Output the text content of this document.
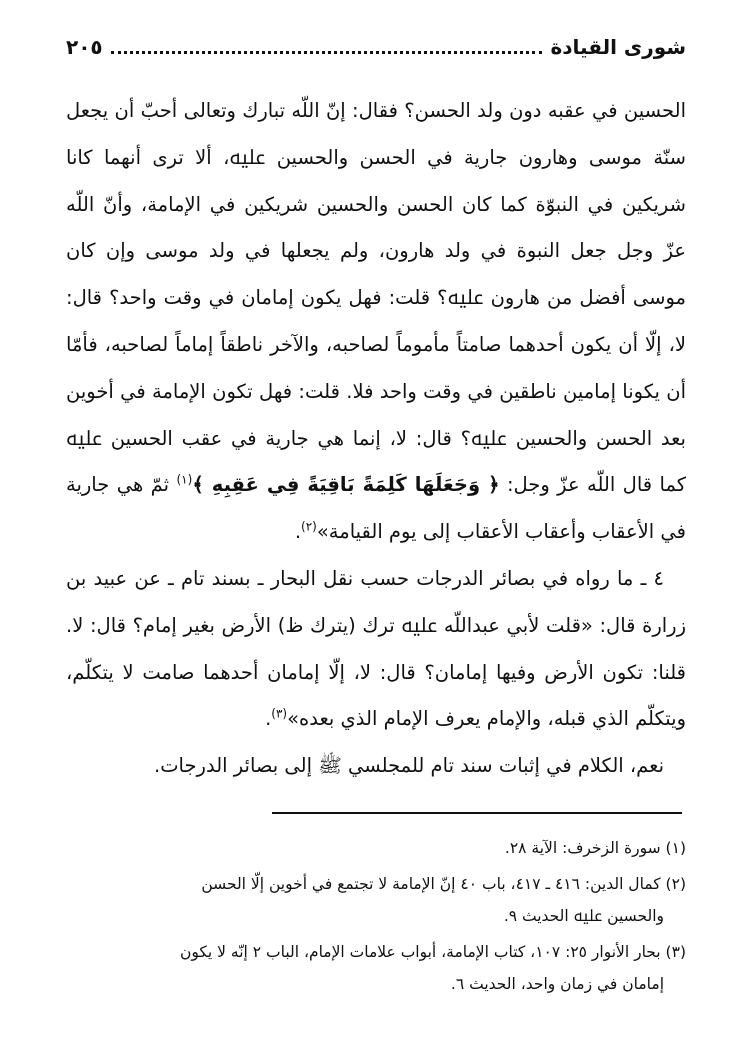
شورى القيادة
٢٠٥

الحسين في عقبه دون ولد الحسن؟ فقال: إنّ اللّه تبارك وتعالى أحبّ أن يجعل سنّة موسى وهارون جارية في الحسن والحسين ﷷ، ألا ترى أنهما كانا شريكين في النبوّة كما كان الحسن والحسين شريكين في الإمامة، وأنّ اللّه عزّ وجل جعل النبوة في ولد هارون، ولم يجعلها في ولد موسى وإن كان موسى أفضل من هارون ﷷ؟ قلت: فهل يكون إمامان في وقت واحد؟ قال: لا، إلّا أن يكون أحدهما صامتاً مأموماً لصاحبه، والآخر ناطقاً إماماً لصاحبه، فأمّا أن يكونا إمامين ناطقين في وقت واحد فلا. قلت: فهل تكون الإمامة في أخوين بعد الحسن والحسين ﷷ؟ قال: لا، إنما هي جارية في عقب الحسين ﷷ كما قال اللّه عزّ وجل: ﴿ وَجَعَلَهَا كَلِمَةً بَاقِيَةً فِي عَقِبِهِ ﴾$^{(١)}$ ثمّ هي جارية في الأعقاب وأعقاب الأعقاب إلى يوم القيامة»$^{(٢)}$.

٤ ـ ما رواه في بصائر الدرجات حسب نقل البحار ـ بسند تام ـ عن عبيد بن زرارة قال: «قلت لأبي عبداللّه ﷷ ترك (يترك ظ) الأرض بغير إمام؟ قال: لا. قلنا: تكون الأرض وفيها إمامان؟ قال: لا، إلّا إمامان أحدهما صامت لا يتكلّم، ويتكلّم الذي قبله، والإمام يعرف الإمام الذي بعده»$^{(٣)}$.

نعم، الكلام في إثبات سند تام للمجلسي ﷺ إلى بصائر الدرجات.

(١) سورة الزخرف: الآية ٢٨.
(٢) كمال الدين: ٤١٦ ـ ٤١٧، باب ٤٠ إنّ الإمامة لا تجتمع في أخوين إلّا الحسن
والحسين ﷷ الحديث ٩.
(٣) بحار الأنوار ٢٥: ١٠٧، كتاب الإمامة، أبواب علامات الإمام، الباب ٢ إنّه لا يكون
إمامان في زمان واحد، الحديث ٦.
